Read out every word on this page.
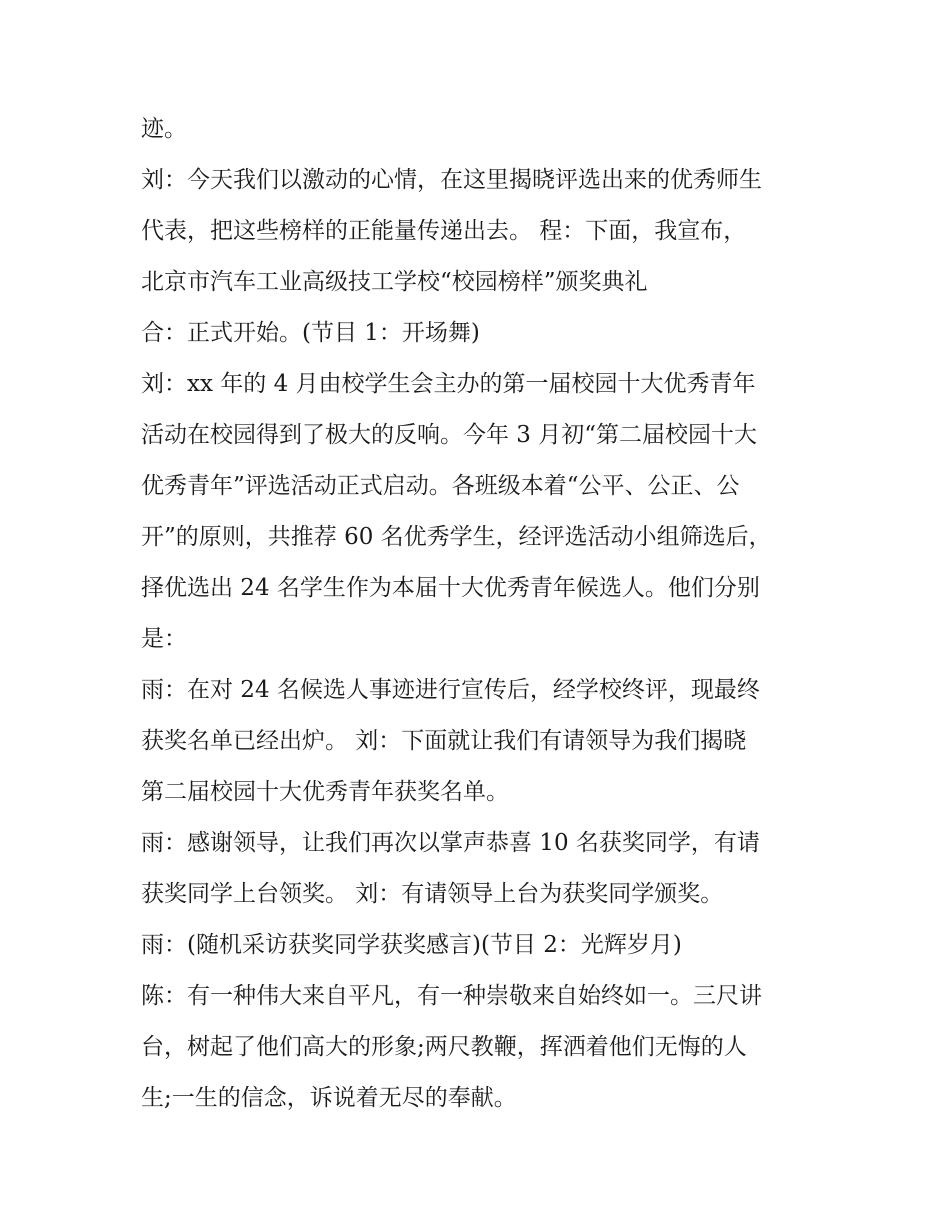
迹。
刘：今天我们以激动的心情，在这里揭晓评选出来的优秀师生
代表，把这些榜样的正能量传递出去。 程：下面，我宣布，
北京市汽车工业高级技工学校“校园榜样”颁奖典礼
合：正式开始。(节目 1：开场舞)
刘：xx 年的 4 月由校学生会主办的第一届校园十大优秀青年
活动在校园得到了极大的反响。今年 3 月初“第二届校园十大
优秀青年”评选活动正式启动。各班级本着“公平、公正、公
开”的原则，共推荐 60 名优秀学生，经评选活动小组筛选后，
择优选出 24 名学生作为本届十大优秀青年候选人。他们分别
是：
雨：在对 24 名候选人事迹进行宣传后，经学校终评，现最终
获奖名单已经出炉。 刘：下面就让我们有请领导为我们揭晓
第二届校园十大优秀青年获奖名单。
雨：感谢领导，让我们再次以掌声恭喜 10 名获奖同学，有请
获奖同学上台领奖。 刘：有请领导上台为获奖同学颁奖。
雨：(随机采访获奖同学获奖感言)(节目 2：光辉岁月)
陈：有一种伟大来自平凡，有一种崇敬来自始终如一。三尺讲
台，树起了他们高大的形象;两尺教鞭，挥洒着他们无悔的人
生;一生的信念，诉说着无尽的奉献。
